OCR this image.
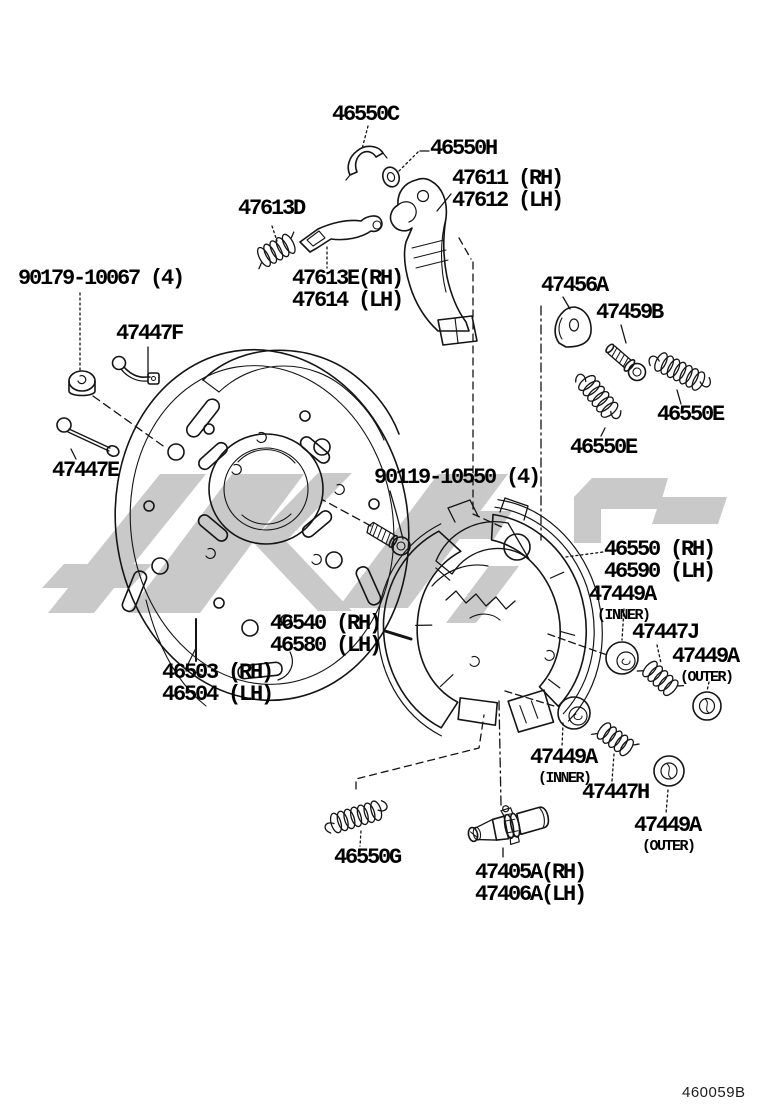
46550C
46550H
47611 (RH)
47612 (LH)
47613D
47613E(RH)
47614 (LH)
90179-10067 (4)
47447F
47447E
47456A
47459B
46550E
46550E
90119-10550 (4)
46550 (RH)
46590 (LH)
47449A
(INNER)
47447J
47449A
(OUTER)
46540 (RH)
46580 (LH)
46503 (RH)
46504 (LH)
47449A
(INNER)
47447H
47449A
(OUTER)
46550G
47405A(RH)
47406A(LH)
460059B
